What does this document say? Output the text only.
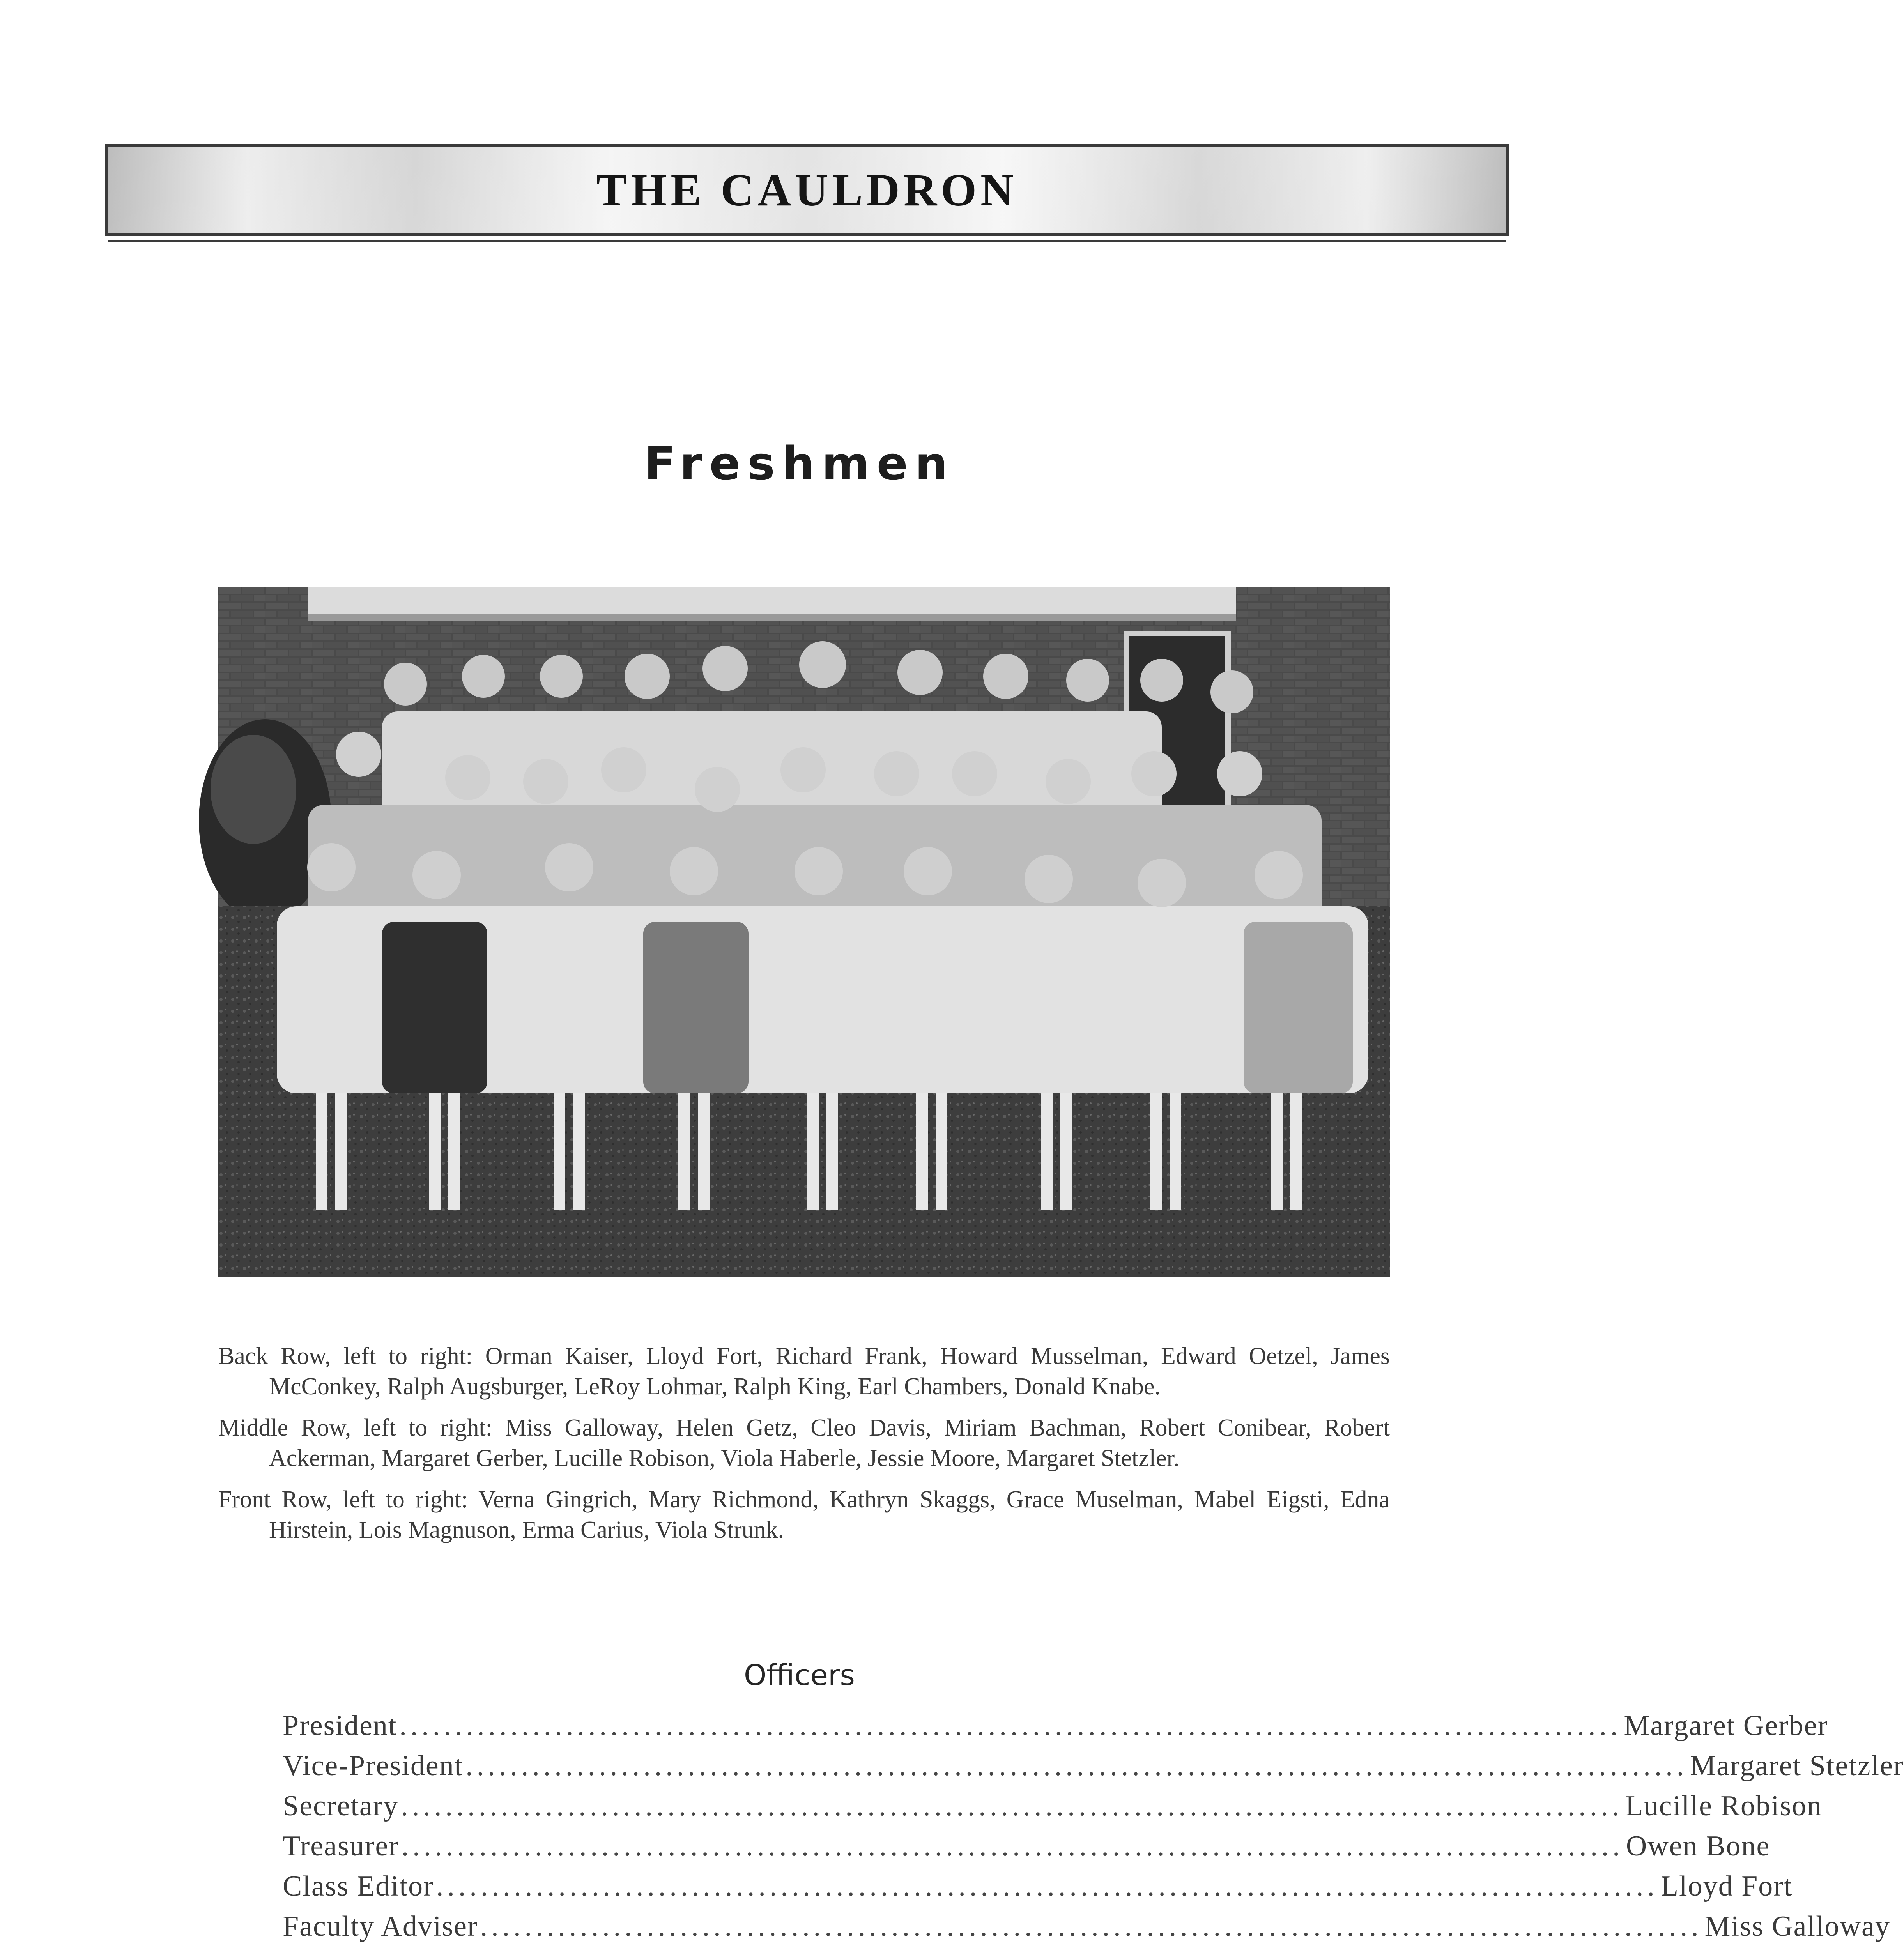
THE CAULDRON
Freshmen

Back Row, left to right: Orman Kaiser, Lloyd Fort, Richard Frank, Howard Musselman, Edward Oetzel, James McConkey, Ralph Augsburger, LeRoy Lohmar, Ralph King, Earl Chambers, Donald Knabe.

Middle Row, left to right: Miss Galloway, Helen Getz, Cleo Davis, Miriam Bachman, Robert Conibear, Robert Ackerman, Margaret Gerber, Lucille Robison, Viola Haberle, Jessie Moore, Margaret Stetzler.

Front Row, left to right: Verna Gingrich, Mary Richmond, Kathryn Skaggs, Grace Muselman, Mabel Eigsti, Edna Hirstein, Lois Magnuson, Erma Carius, Viola Strunk.

Officers
President .............................................................................................................. Margaret Gerber
Vice-President .............................................................................................................. Margaret Stetzler
Secretary .............................................................................................................. Lucille Robison
Treasurer .............................................................................................................. Owen Bone
Class Editor .............................................................................................................. Lloyd Fort
Faculty Adviser .............................................................................................................. Miss Galloway
